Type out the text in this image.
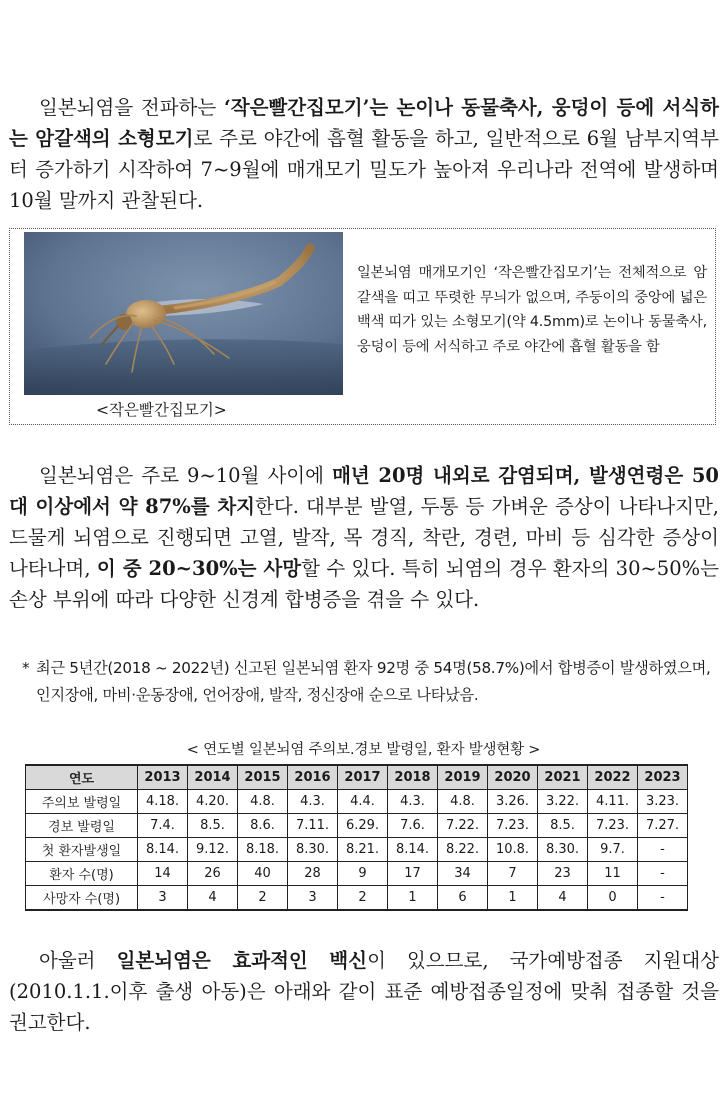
일본뇌염을 전파하는 ‘작은빨간집모기’는 논이나 동물축사, 웅덩이 등에 서식하는 암갈색의 소형모기로 주로 야간에 흡혈 활동을 하고, 일반적으로 6월 남부지역부터 증가하기 시작하여 7~9월에 매개모기 밀도가 높아져 우리나라 전역에 발생하며 10월 말까지 관찰된다.

<작은빨간집모기>

일본뇌염 매개모기인 ‘작은빨간집모기’는 전체적으로 암갈색을 띠고 뚜렷한 무늬가 없으며, 주둥이의 중앙에 넓은 백색 띠가 있는 소형모기(약 4.5mm)로 논이나 동물축사, 웅덩이 등에 서식하고 주로 야간에 흡혈 활동을 함

일본뇌염은 주로 9~10월 사이에 매년 20명 내외로 감염되며, 발생연령은 50대 이상에서 약 87%를 차지한다. 대부분 발열, 두통 등 가벼운 증상이 나타나지만, 드물게 뇌염으로 진행되면 고열, 발작, 목 경직, 착란, 경련, 마비 등 심각한 증상이 나타나며, 이 중 20~30%는 사망할 수 있다. 특히 뇌염의 경우 환자의 30~50%는 손상 부위에 따라 다양한 신경계 합병증을 겪을 수 있다.

* 최근 5년간(2018 ~ 2022년) 신고된 일본뇌염 환자 92명 중 54명(58.7%)에서 합병증이 발생하였으며, 인지장애, 마비·운동장애, 언어장애, 발작, 정신장애 순으로 나타났음.
< 연도별 일본뇌염 주의보.경보 발령일, 환자 발생현황 >
연도	2013	2014	2015	2016	2017	2018	2019	2020	2021	2022	2023
주의보 발령일	4.18.	4.20.	4.8.	4.3.	4.4.	4.3.	4.8.	3.26.	3.22.	4.11.	3.23.
경보 발령일	7.4.	8.5.	8.6.	7.11.	6.29.	7.6.	7.22.	7.23.	8.5.	7.23.	7.27.
첫 환자발생일	8.14.	9.12.	8.18.	8.30.	8.21.	8.14.	8.22.	10.8.	8.30.	9.7.	-
환자 수(명)	14	26	40	28	9	17	34	7	23	11	-
사망자 수(명)	3	4	2	3	2	1	6	1	4	0	-

아울러 일본뇌염은 효과적인 백신이 있으므로, 국가예방접종 지원대상(2010.1.1.이후 출생 아동)은 아래와 같이 표준 예방접종일정에 맞춰 접종할 것을 권고한다.
